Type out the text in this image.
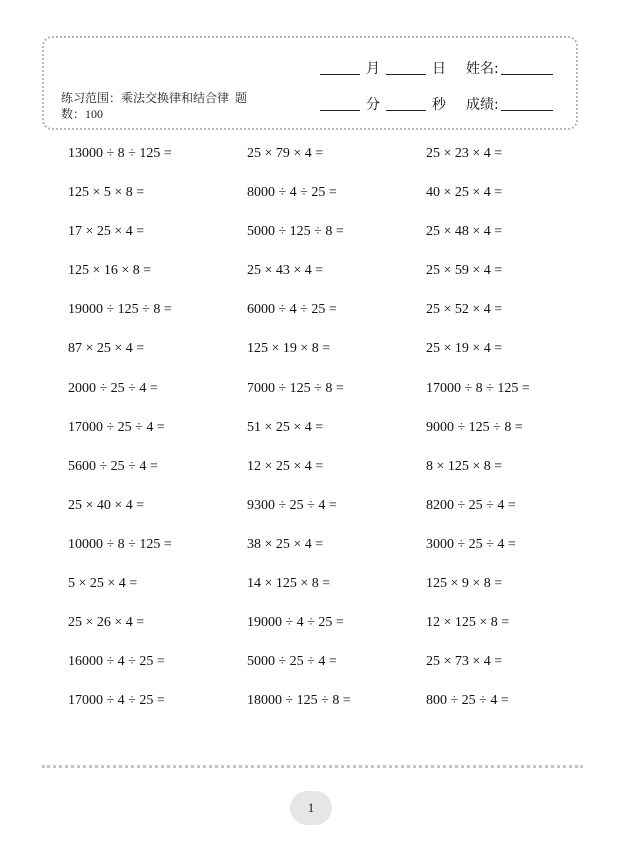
月	日 姓名:
练习范围：乘法交换律和结合律 题数：100
分	秒 成绩:
13000 ÷ 8 ÷ 125 =	25 × 79 × 4 =	25 × 23 × 4 =
125 × 5 × 8 =	8000 ÷ 4 ÷ 25 =	40 × 25 × 4 =
17 × 25 × 4 =	5000 ÷ 125 ÷ 8 =	25 × 48 × 4 =
125 × 16 × 8 =	25 × 43 × 4 =	25 × 59 × 4 =
19000 ÷ 125 ÷ 8 =	6000 ÷ 4 ÷ 25 =	25 × 52 × 4 =
87 × 25 × 4 =	125 × 19 × 8 =	25 × 19 × 4 =
2000 ÷ 25 ÷ 4 =	7000 ÷ 125 ÷ 8 =	17000 ÷ 8 ÷ 125 =
17000 ÷ 25 ÷ 4 =	51 × 25 × 4 =	9000 ÷ 125 ÷ 8 =
5600 ÷ 25 ÷ 4 =	12 × 25 × 4 =	8 × 125 × 8 =
25 × 40 × 4 =	9300 ÷ 25 ÷ 4 =	8200 ÷ 25 ÷ 4 =
10000 ÷ 8 ÷ 125 =	38 × 25 × 4 =	3000 ÷ 25 ÷ 4 =
5 × 25 × 4 =	14 × 125 × 8 =	125 × 9 × 8 =
25 × 26 × 4 =	19000 ÷ 4 ÷ 25 =	12 × 125 × 8 =
16000 ÷ 4 ÷ 25 =	5000 ÷ 25 ÷ 4 =	25 × 73 × 4 =
17000 ÷ 4 ÷ 25 =	18000 ÷ 125 ÷ 8 =	800 ÷ 25 ÷ 4 =
1
